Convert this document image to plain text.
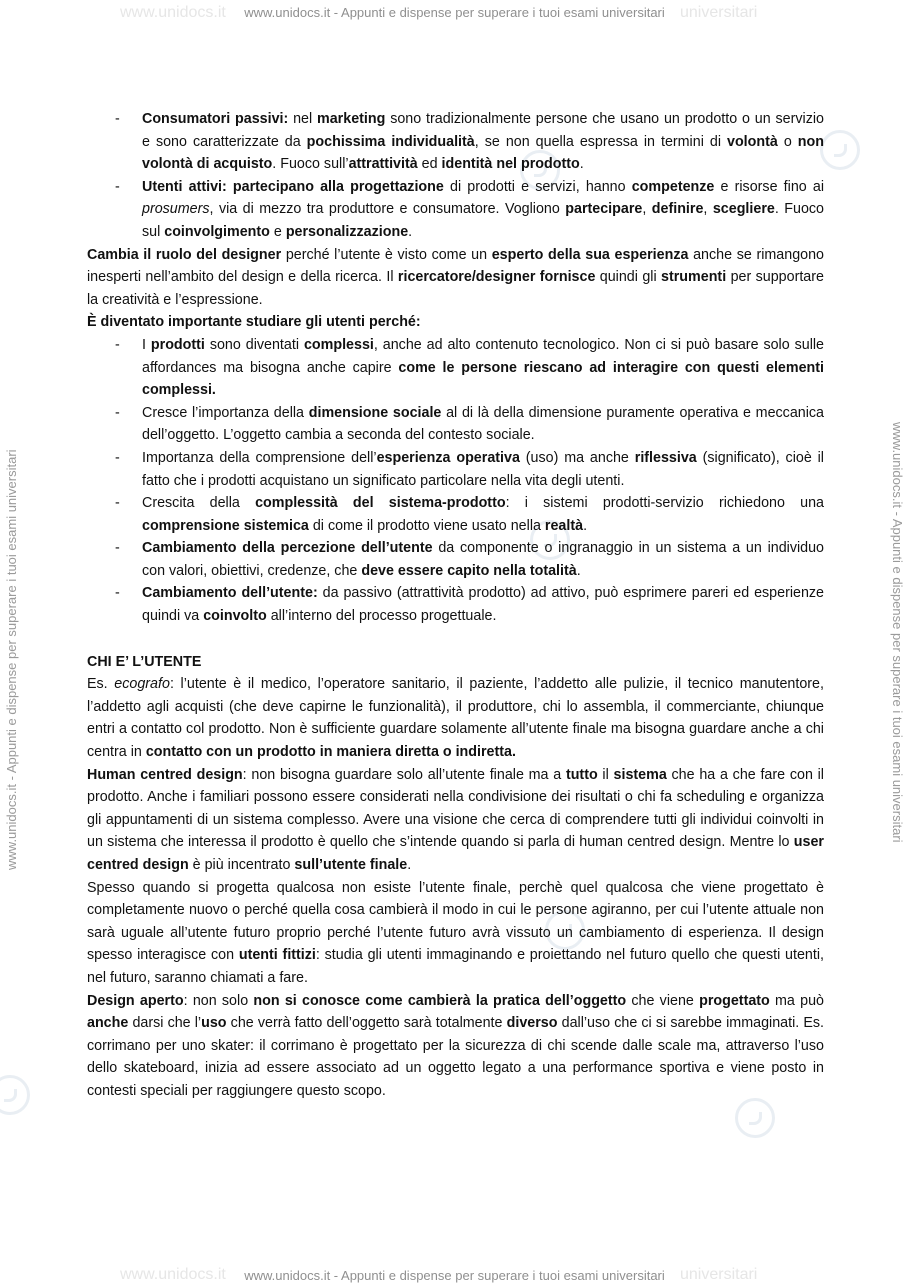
www.unidocs.it	universitari
www.unidocs.it - Appunti e dispense per superare i tuoi esami universitari
www.unidocs.it - Appunti e dispense per superare i tuoi esami universitari	www.unidocs.it - Appunti e dispense per superare i tuoi esami universitari
www.unidocs.it	universitari
www.unidocs.it - Appunti e dispense per superare i tuoi esami universitari
- Consumatori passivi: nel marketing sono tradizionalmente persone che usano un prodotto o un servizio e sono caratterizzate da pochissima individualità, se non quella espressa in termini di volontà o non volontà di acquisto. Fuoco sull’attrattività ed identità nel prodotto.
- Utenti attivi: partecipano alla progettazione di prodotti e servizi, hanno competenze e risorse fino ai prosumers, via di mezzo tra produttore e consumatore. Vogliono partecipare, definire, scegliere. Fuoco sul coinvolgimento e personalizzazione.

Cambia il ruolo del designer perché l’utente è visto come un esperto della sua esperienza anche se rimangono inesperti nell’ambito del design e della ricerca. Il ricercatore/designer fornisce quindi gli strumenti per supportare la creatività e l’espressione.

È diventato importante studiare gli utenti perché:

- I prodotti sono diventati complessi, anche ad alto contenuto tecnologico. Non ci si può basare solo sulle affordances ma bisogna anche capire come le persone riescano ad interagire con questi elementi complessi.
- Cresce l’importanza della dimensione sociale al di là della dimensione puramente operativa e meccanica dell’oggetto. L’oggetto cambia a seconda del contesto sociale.
- Importanza della comprensione dell’esperienza operativa (uso) ma anche riflessiva (significato), cioè il fatto che i prodotti acquistano un significato particolare nella vita degli utenti.
- Crescita della complessità del sistema-prodotto: i sistemi prodotti-servizio richiedono una comprensione sistemica di come il prodotto viene usato nella realtà.
- Cambiamento della percezione dell’utente da componente o ingranaggio in un sistema a un individuo con valori, obiettivi, credenze, che deve essere capito nella totalità.
- Cambiamento dell’utente: da passivo (attrattività prodotto) ad attivo, può esprimere pareri ed esperienze quindi va coinvolto all’interno del processo progettuale.

CHI E’ L’UTENTE

Es. ecografo: l’utente è il medico, l’operatore sanitario, il paziente, l’addetto alle pulizie, il tecnico manutentore, l’addetto agli acquisti (che deve capirne le funzionalità), il produttore, chi lo assembla, il commerciante, chiunque entri a contatto col prodotto. Non è sufficiente guardare solamente all’utente finale ma bisogna guardare anche a chi centra in contatto con un prodotto in maniera diretta o indiretta.

Human centred design: non bisogna guardare solo all’utente finale ma a tutto il sistema che ha a che fare con il prodotto. Anche i familiari possono essere considerati nella condivisione dei risultati o chi fa scheduling e organizza gli appuntamenti di un sistema complesso. Avere una visione che cerca di comprendere tutti gli individui coinvolti in un sistema che interessa il prodotto è quello che s’intende quando si parla di human centred design. Mentre lo user centred design è più incentrato sull’utente finale.

Spesso quando si progetta qualcosa non esiste l’utente finale, perchè quel qualcosa che viene progettato è completamente nuovo o perché quella cosa cambierà il modo in cui le persone agiranno, per cui l’utente attuale non sarà uguale all’utente futuro proprio perché l’utente futuro avrà vissuto un cambiamento di esperienza. Il design spesso interagisce con utenti fittizi: studia gli utenti immaginando e proiettando nel futuro quello che questi utenti, nel futuro, saranno chiamati a fare.

Design aperto: non solo non si conosce come cambierà la pratica dell’oggetto che viene progettato ma può anche darsi che l’uso che verrà fatto dell’oggetto sarà totalmente diverso dall’uso che ci si sarebbe immaginati. Es. corrimano per uno skater: il corrimano è progettato per la sicurezza di chi scende dalle scale ma, attraverso l’uso dello skateboard, inizia ad essere associato ad un oggetto legato a una performance sportiva e viene posto in contesti speciali per raggiungere questo scopo.
